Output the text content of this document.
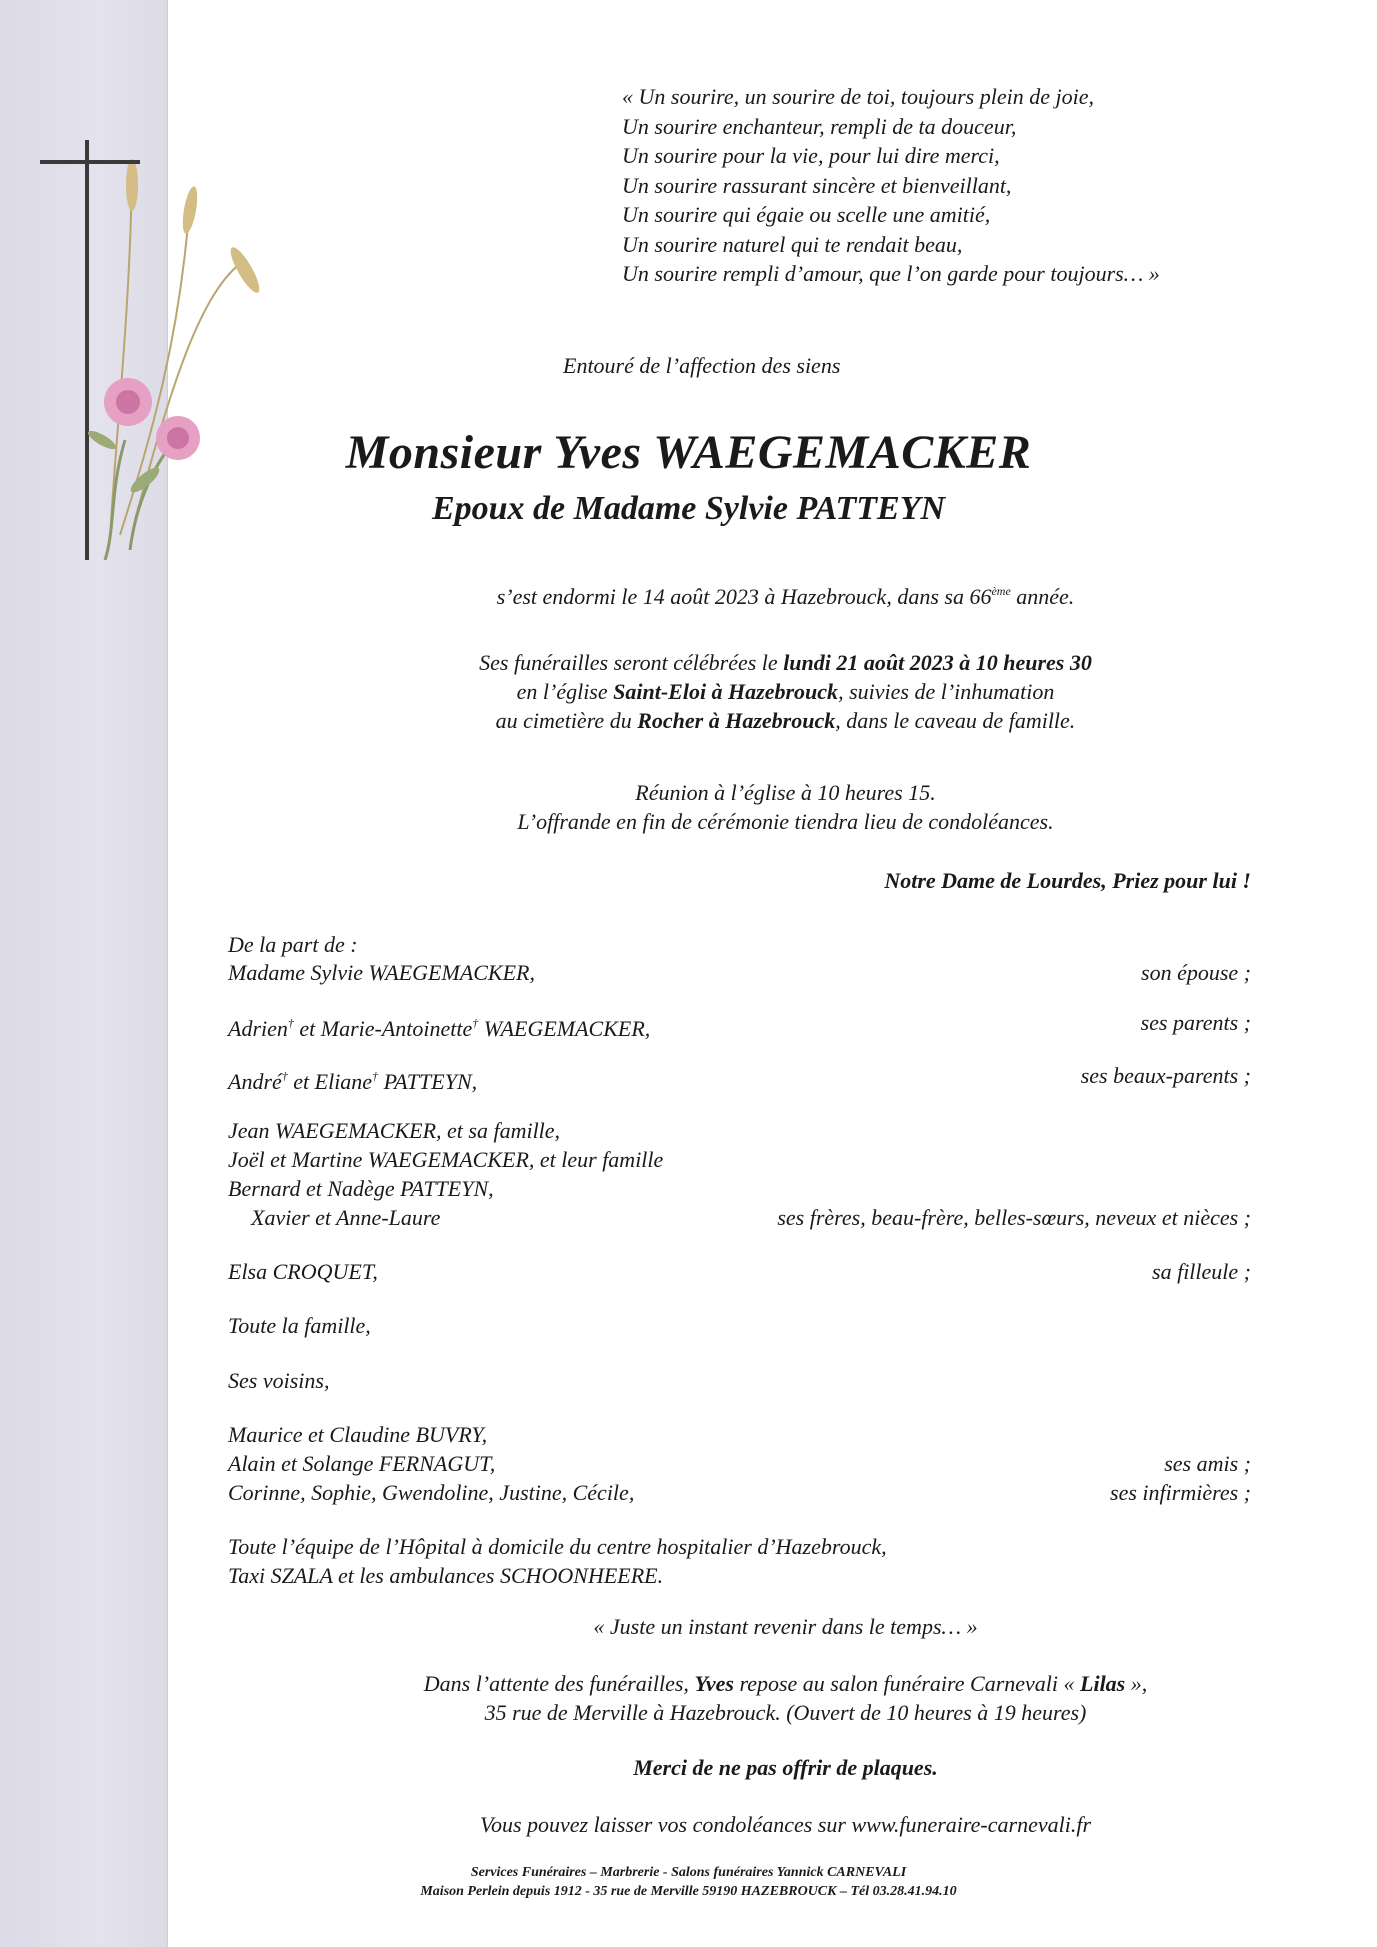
« Un sourire, un sourire de toi, toujours plein de joie,
Un sourire enchanteur, rempli de ta douceur,
Un sourire pour la vie, pour lui dire merci,
Un sourire rassurant sincère et bienveillant,
Un sourire qui égaie ou scelle une amitié,
Un sourire naturel qui te rendait beau,
Un sourire rempli d’amour, que l’on garde pour toujours… »
Entouré de l’affection des siens
Monsieur Yves WAEGEMACKER
Epoux de Madame Sylvie PATTEYN
s’est endormi le 14 août 2023 à Hazebrouck, dans sa 66ème année.
Ses funérailles seront célébrées le lundi 21 août 2023 à 10 heures 30
en l’église Saint-Eloi à Hazebrouck, suivies de l’inhumation
au cimetière du Rocher à Hazebrouck, dans le caveau de famille.
Réunion à l’église à 10 heures 15.
L’offrande en fin de cérémonie tiendra lieu de condoléances.
Notre Dame de Lourdes, Priez pour lui !
De la part de :
Madame Sylvie WAEGEMACKER,	son épouse ;
Adrien† et Marie-Antoinette† WAEGEMACKER,	ses parents ;
André† et Eliane† PATTEYN,	ses beaux-parents ;
Jean WAEGEMACKER, et sa famille,
Joël et Martine WAEGEMACKER, et leur famille
Bernard et Nadège PATTEYN,
Xavier et Anne-Laure	ses frères, beau-frère, belles-sœurs, neveux et nièces ;
Elsa CROQUET,	sa filleule ;
Toute la famille,
Ses voisins,
Maurice et Claudine BUVRY,
Alain et Solange FERNAGUT,	ses amis ;
Corinne, Sophie, Gwendoline, Justine, Cécile,	ses infirmières ;
Toute l’équipe de l’Hôpital à domicile du centre hospitalier d’Hazebrouck,
Taxi SZALA et les ambulances SCHOONHEERE.
« Juste un instant revenir dans le temps… »
Dans l’attente des funérailles, Yves repose au salon funéraire Carnevali « Lilas »,
35 rue de Merville à Hazebrouck. (Ouvert de 10 heures à 19 heures)
Merci de ne pas offrir de plaques.
Vous pouvez laisser vos condoléances sur www.funeraire-carnevali.fr
Services Funéraires – Marbrerie - Salons funéraires Yannick CARNEVALI
Maison Perlein depuis 1912 - 35 rue de Merville 59190 HAZEBROUCK – Tél 03.28.41.94.10
